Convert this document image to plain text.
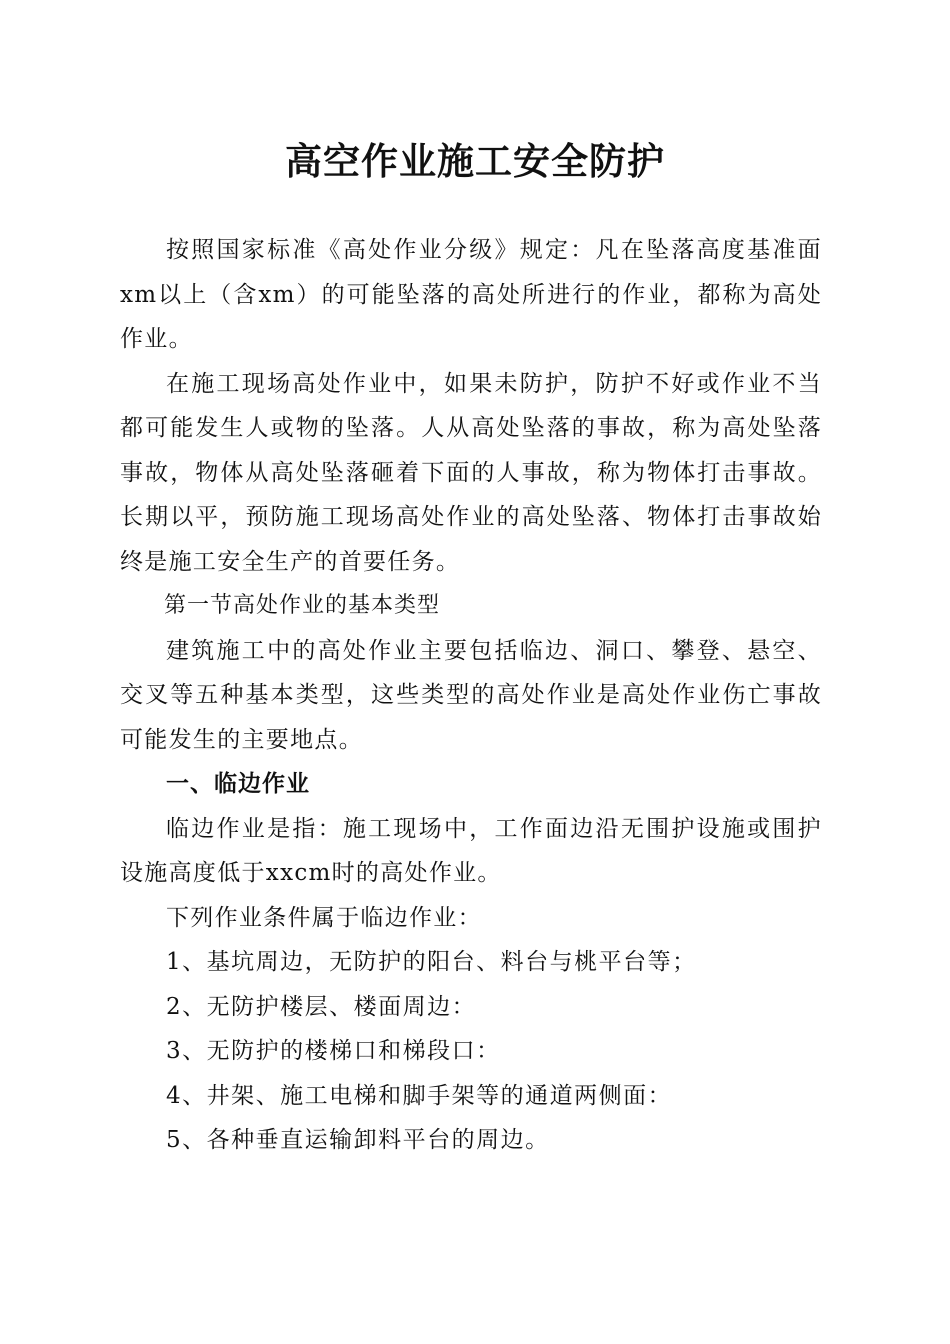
高空作业施工安全防护

按照国家标准《高处作业分级》规定：凡在坠落高度基准面xm以上（含xm）的可能坠落的高处所进行的作业，都称为高处作业。

在施工现场高处作业中，如果未防护，防护不好或作业不当都可能发生人或物的坠落。人从高处坠落的事故，称为高处坠落事故，物体从高处坠落砸着下面的人事故，称为物体打击事故。长期以平，预防施工现场高处作业的高处坠落、物体打击事故始终是施工安全生产的首要任务。

第一节高处作业的基本类型

建筑施工中的高处作业主要包括临边、洞口、攀登、悬空、交叉等五种基本类型，这些类型的高处作业是高处作业伤亡事故可能发生的主要地点。

一、临边作业

临边作业是指：施工现场中，工作面边沿无围护设施或围护设施高度低于xxcm时的高处作业。

下列作业条件属于临边作业：

1、基坑周边，无防护的阳台、料台与桃平台等；

2、无防护楼层、楼面周边：

3、无防护的楼梯口和梯段口：

4、井架、施工电梯和脚手架等的通道两侧面：

5、各种垂直运输卸料平台的周边。
